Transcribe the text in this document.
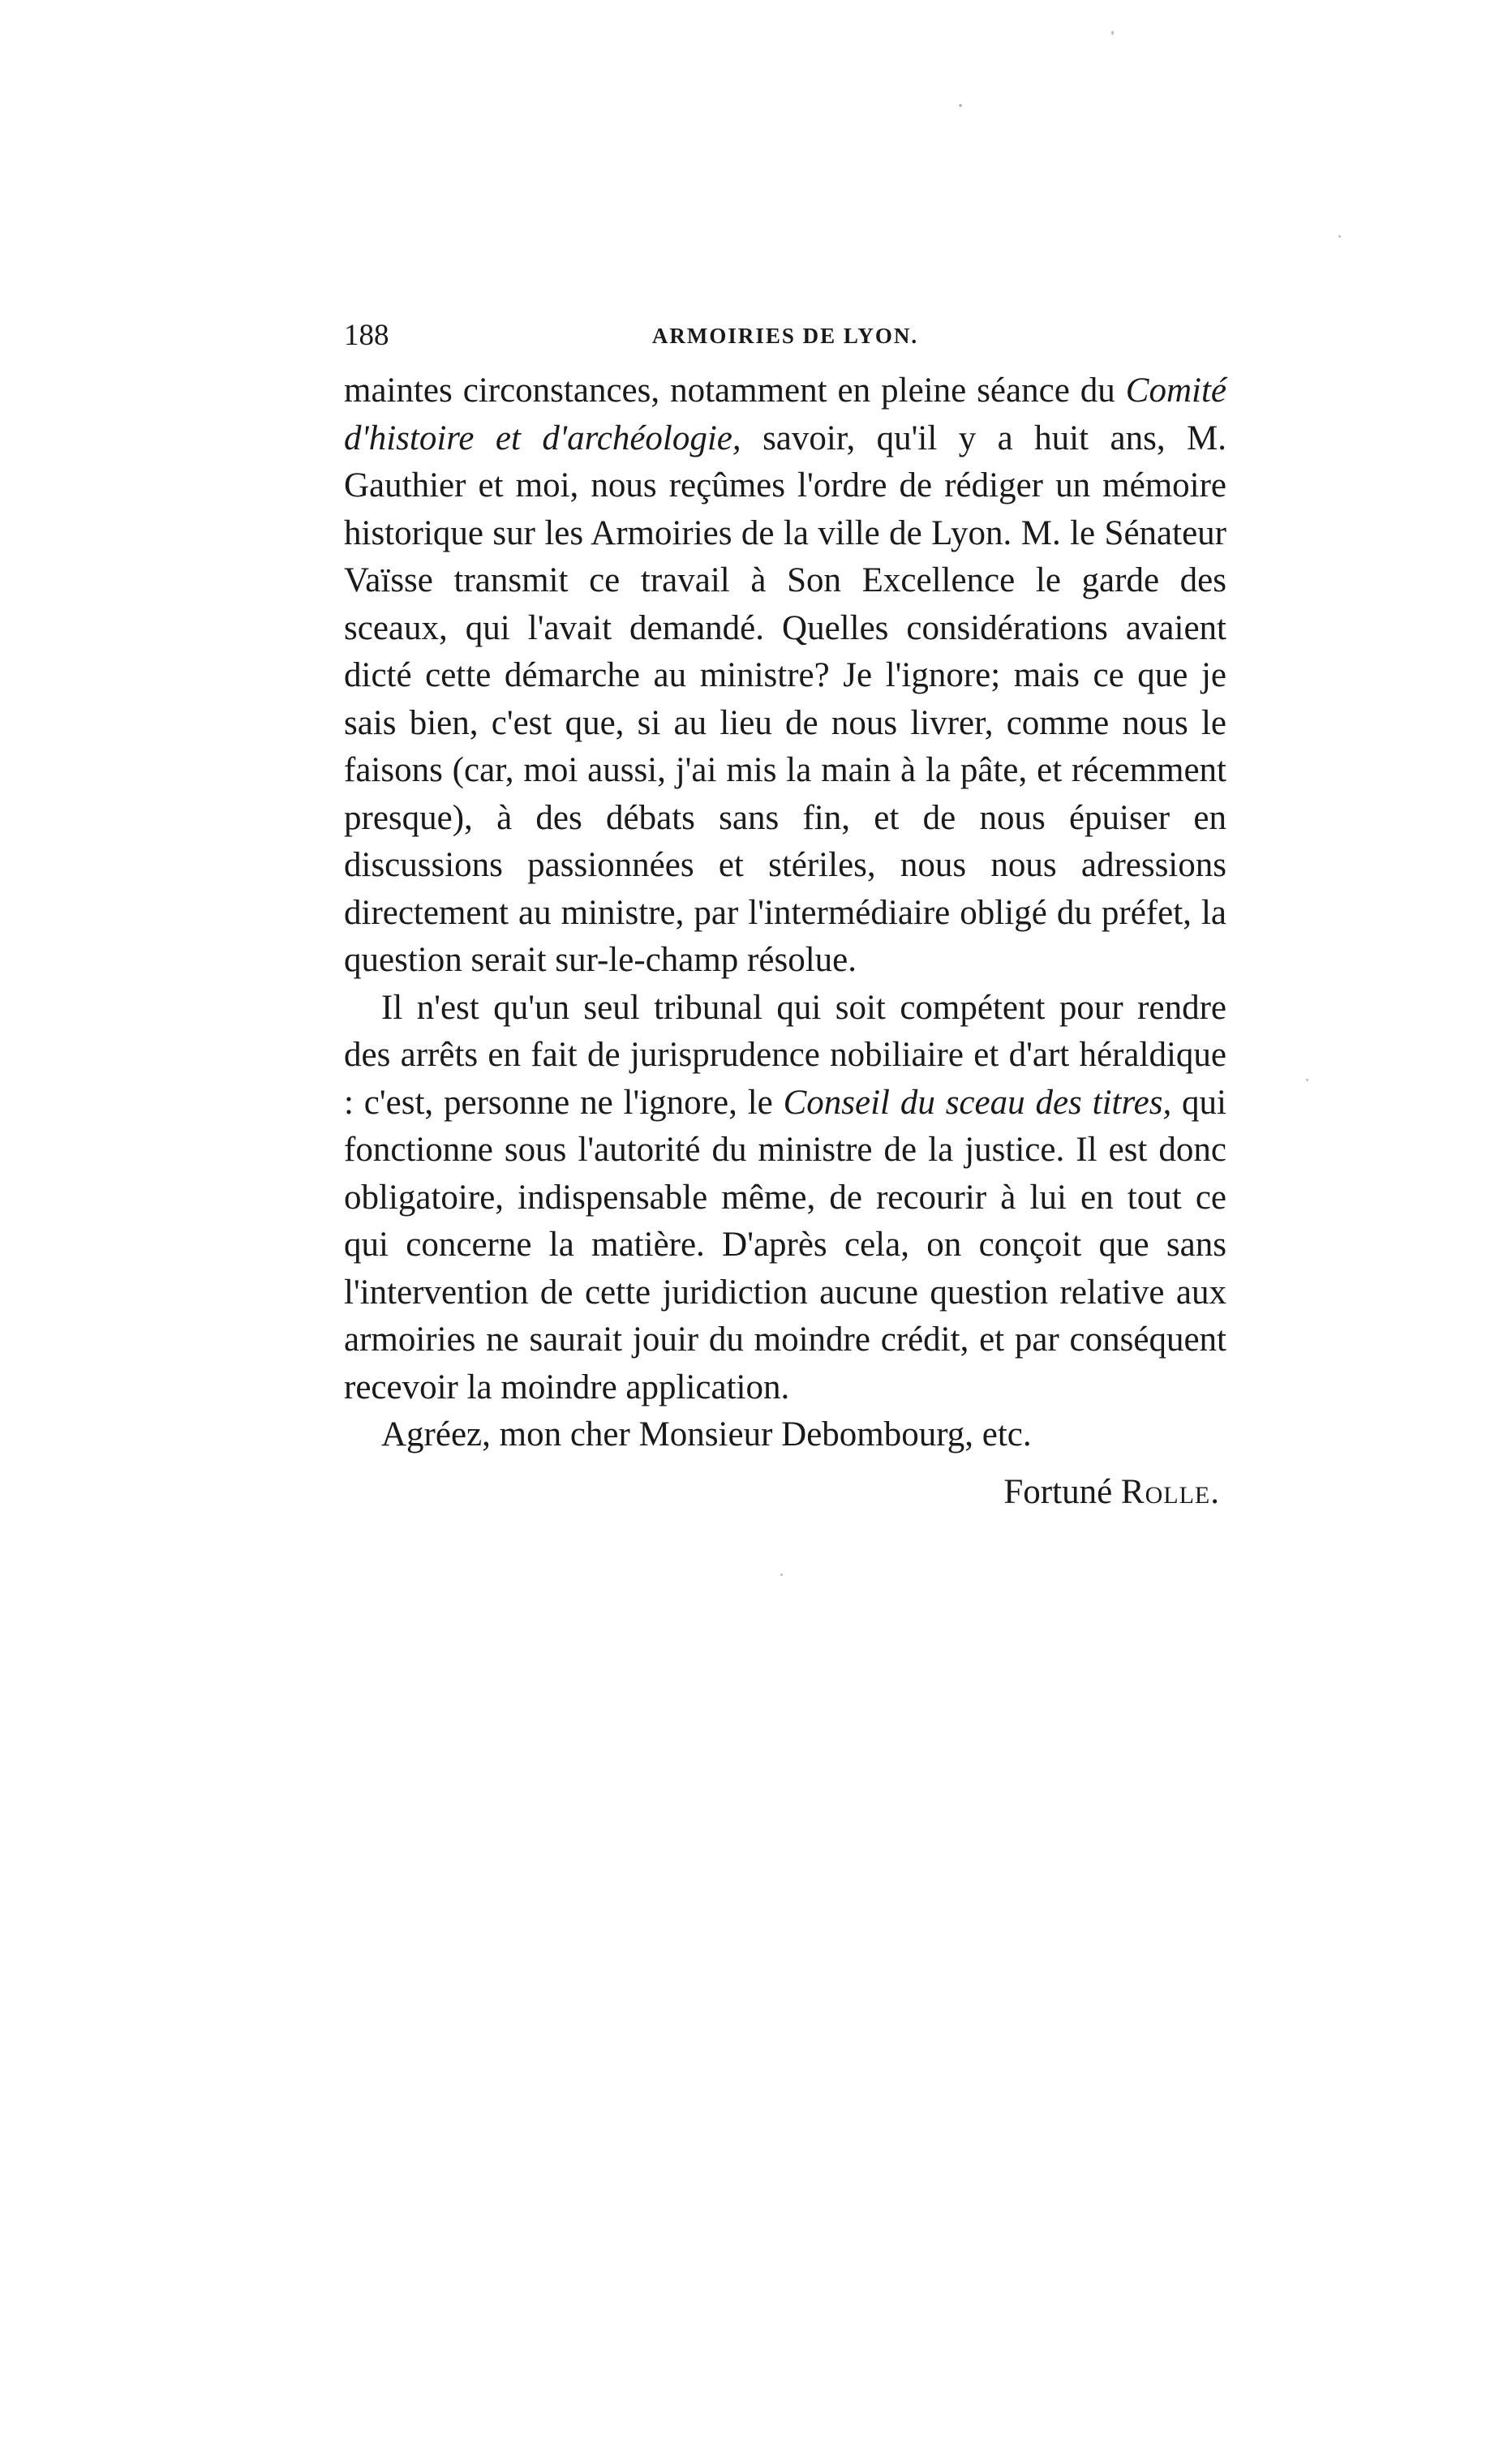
188	ARMOIRIES DE LYON.

maintes circonstances, notamment en pleine séance du Comité d'histoire et d'archéologie, savoir, qu'il y a huit ans, M. Gauthier et moi, nous reçûmes l'ordre de rédiger un mémoire historique sur les Armoiries de la ville de Lyon. M. le Sénateur Vaïsse transmit ce travail à Son Excellence le garde des sceaux, qui l'avait demandé. Quelles considérations avaient dicté cette démarche au ministre? Je l'ignore; mais ce que je sais bien, c'est que, si au lieu de nous livrer, comme nous le faisons (car, moi aussi, j'ai mis la main à la pâte, et récemment presque), à des débats sans fin, et de nous épuiser en discussions passionnées et stériles, nous nous adressions directement au ministre, par l'intermédiaire obligé du préfet, la question serait sur-le-champ résolue.

Il n'est qu'un seul tribunal qui soit compétent pour rendre des arrêts en fait de jurisprudence nobiliaire et d'art héraldique : c'est, personne ne l'ignore, le Conseil du sceau des titres, qui fonctionne sous l'autorité du ministre de la justice. Il est donc obligatoire, indispensable même, de recourir à lui en tout ce qui concerne la matière. D'après cela, on conçoit que sans l'intervention de cette juridiction aucune question relative aux armoiries ne saurait jouir du moindre crédit, et par conséquent recevoir la moindre application.

Agréez, mon cher Monsieur Debombourg, etc.

Fortuné Rolle.
